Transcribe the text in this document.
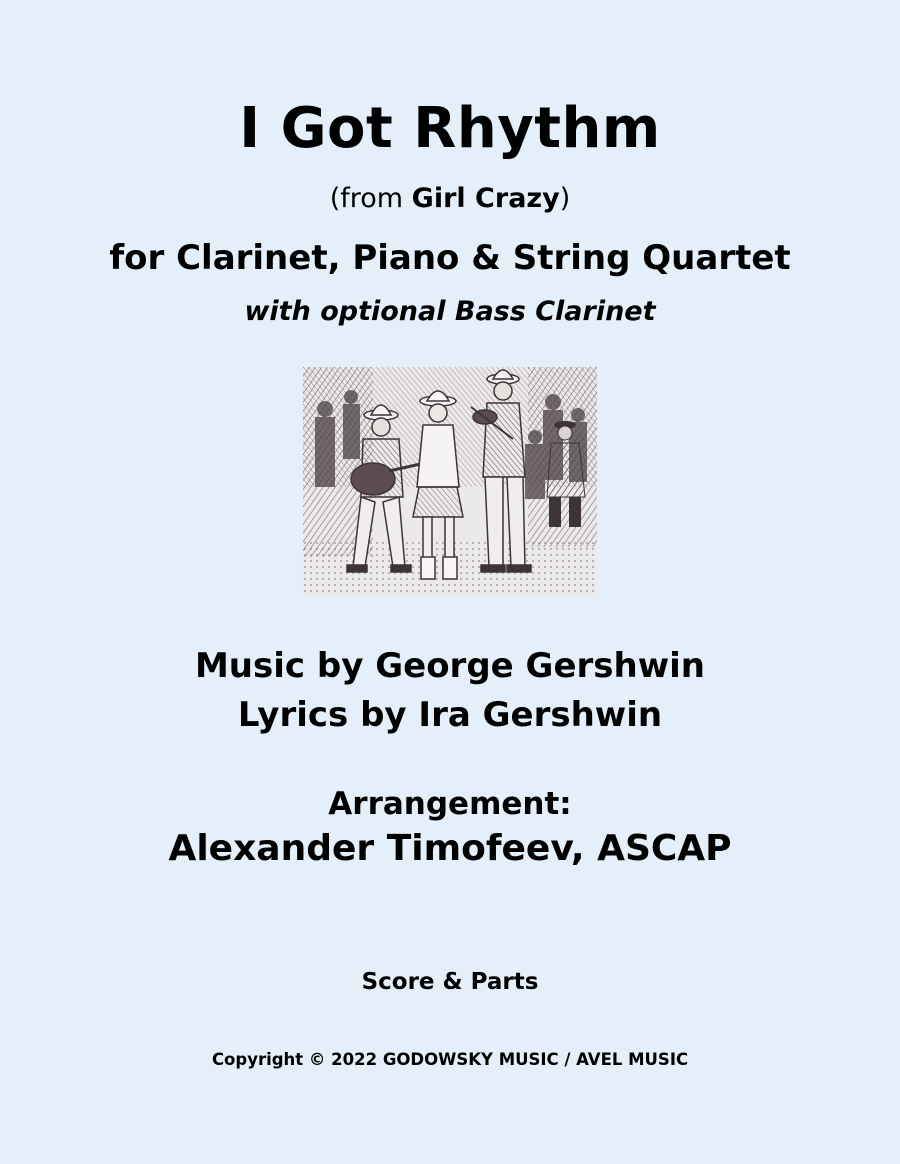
I Got Rhythm
(from Girl Crazy)
for Clarinet, Piano & String Quartet
with optional Bass Clarinet
Music by George Gershwin
Lyrics by Ira Gershwin
Arrangement:
Alexander Timofeev, ASCAP
Score & Parts
Copyright © 2022 GODOWSKY MUSIC / AVEL MUSIC
